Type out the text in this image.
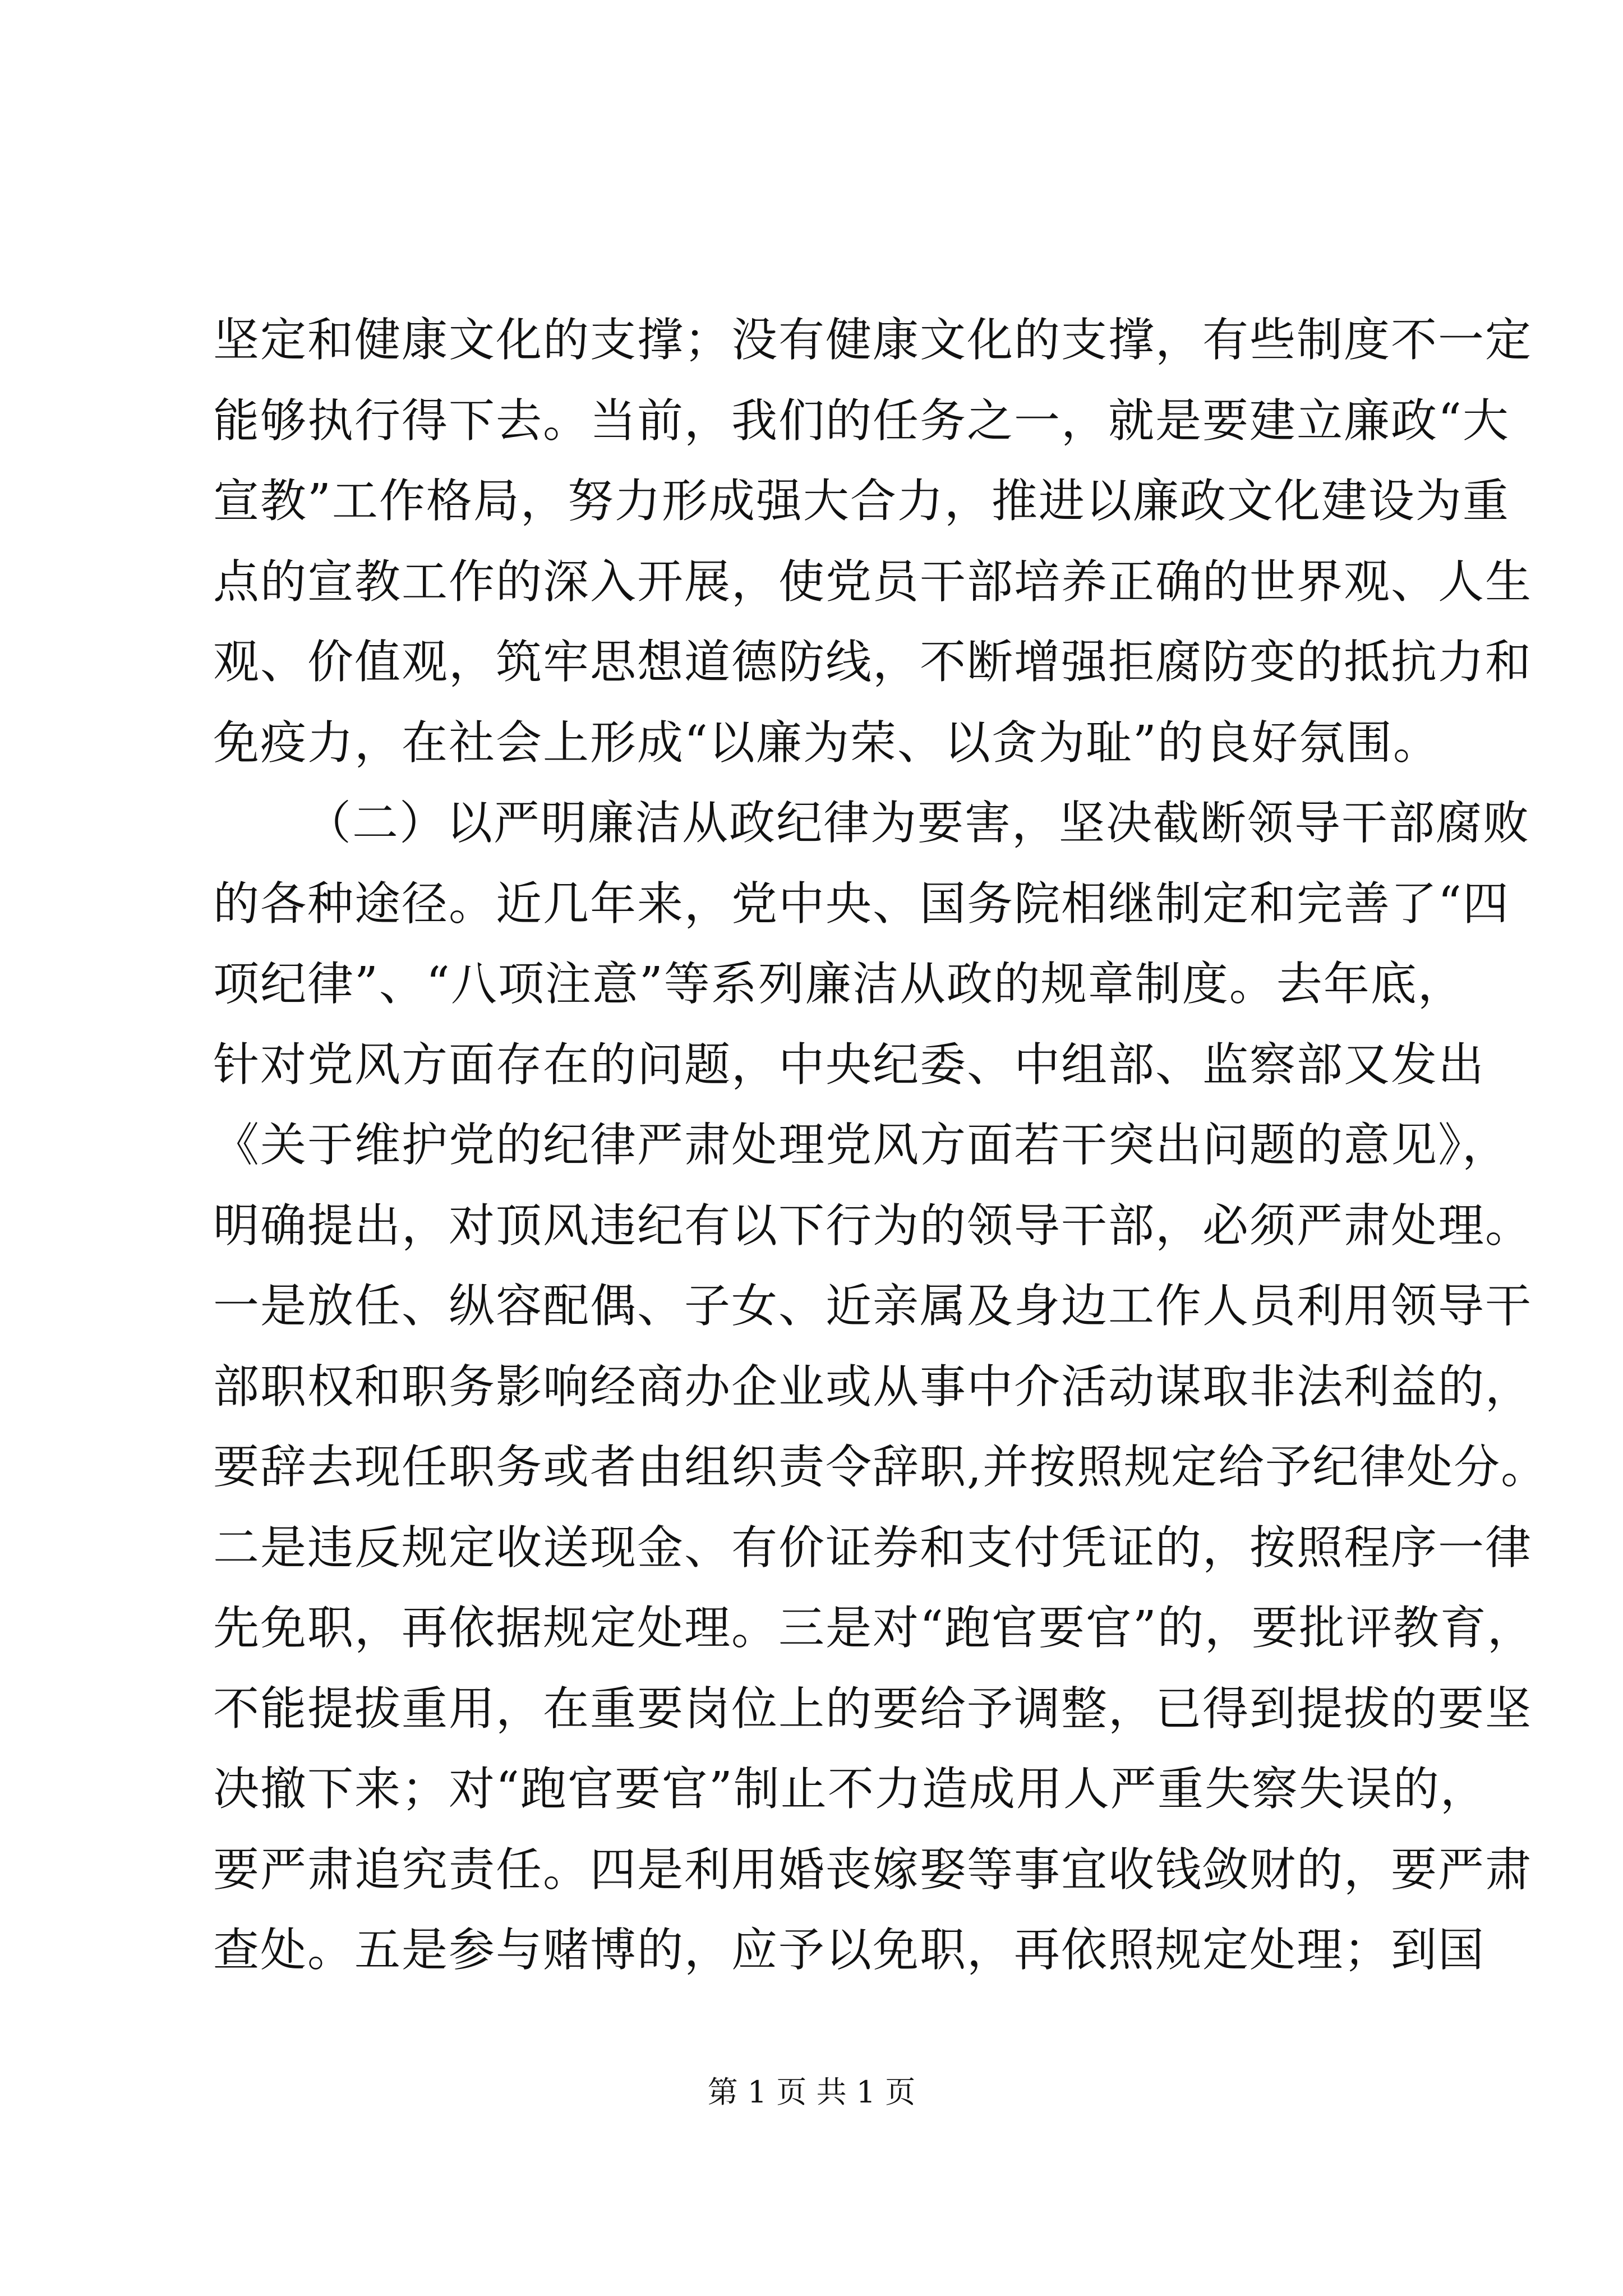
坚定和健康文化的支撑；没有健康文化的支撑，有些制度不一定
能够执行得下去。当前，我们的任务之一，就是要建立廉政“大
宣教”工作格局，努力形成强大合力，推进以廉政文化建设为重
点的宣教工作的深入开展，使党员干部培养正确的世界观、人生
观、价值观，筑牢思想道德防线，不断增强拒腐防变的抵抗力和
免疫力，在社会上形成“以廉为荣、以贪为耻”的良好氛围。
（二）以严明廉洁从政纪律为要害，坚决截断领导干部腐败
的各种途径。近几年来，党中央、国务院相继制定和完善了“四
项纪律”、“八项注意”等系列廉洁从政的规章制度。去年底，
针对党风方面存在的问题，中央纪委、中组部、监察部又发出
《关于维护党的纪律严肃处理党风方面若干突出问题的意见》，
明确提出，对顶风违纪有以下行为的领导干部，必须严肃处理。
一是放任、纵容配偶、子女、近亲属及身边工作人员利用领导干
部职权和职务影响经商办企业或从事中介活动谋取非法利益的，
要辞去现任职务或者由组织责令辞职,并按照规定给予纪律处分。
二是违反规定收送现金、有价证券和支付凭证的，按照程序一律
先免职，再依据规定处理。三是对“跑官要官”的，要批评教育，
不能提拔重用，在重要岗位上的要给予调整，已得到提拔的要坚
决撤下来；对“跑官要官”制止不力造成用人严重失察失误的，
要严肃追究责任。四是利用婚丧嫁娶等事宜收钱敛财的，要严肃
查处。五是参与赌博的，应予以免职，再依照规定处理；到国
第 1 页 共 1 页
